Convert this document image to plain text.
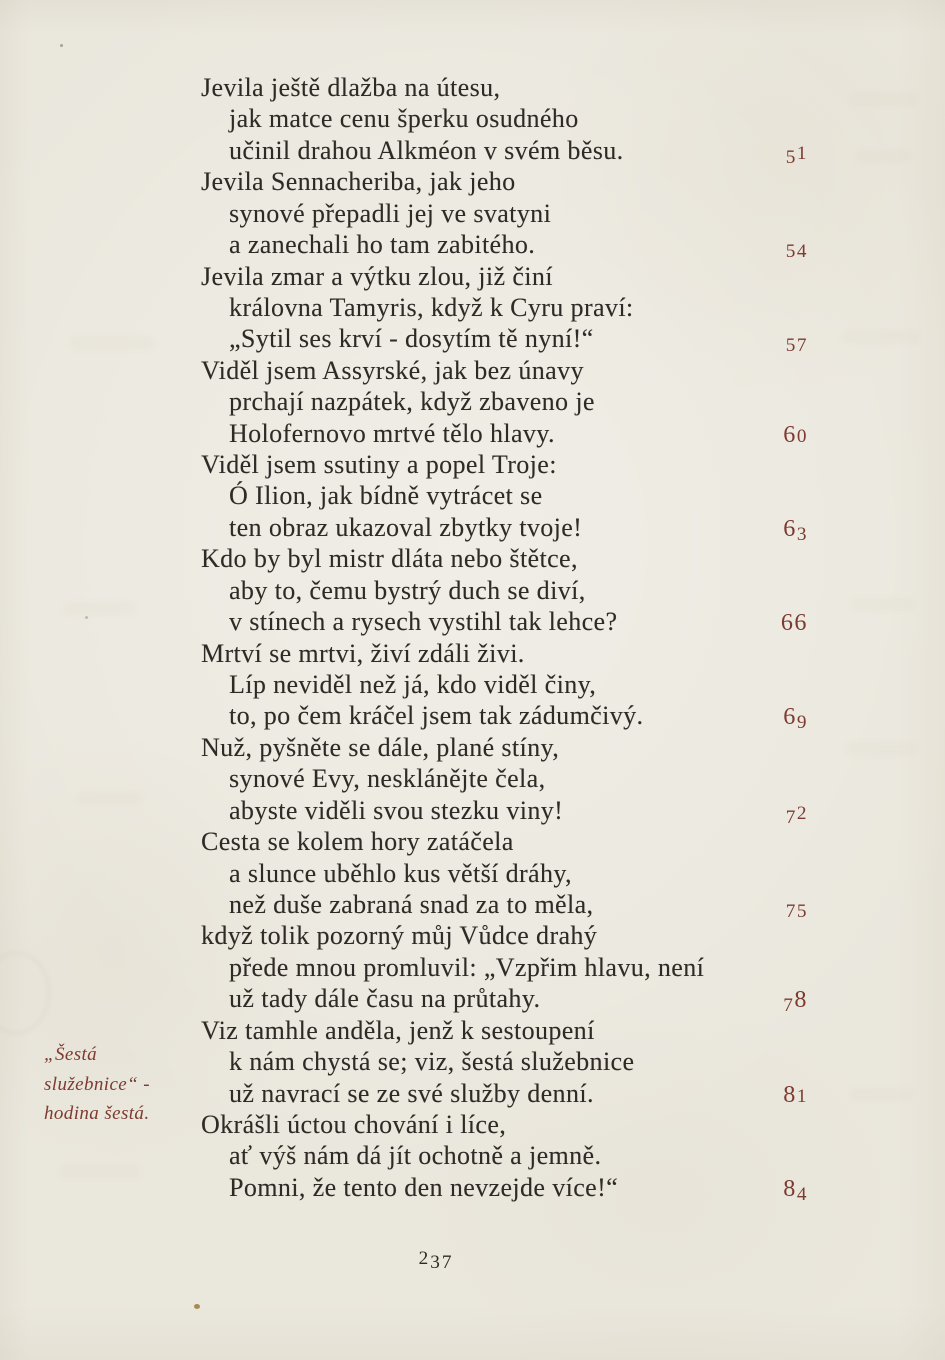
Jevila ještě dlažba na útesu,
jak matce cenu šperku osudného
učinil drahou Alkméon v svém běsu.	51
Jevila Sennacheriba, jak jeho
synové přepadli jej ve svatyni
a zanechali ho tam zabitého.	54
Jevila zmar a výtku zlou, již činí
královna Tamyris, když k Cyru praví:
„Sytil ses krví - dosytím tě nyní!“	57
Viděl jsem Assyrské, jak bez únavy
prchají nazpátek, když zbaveno je
Holofernovo mrtvé tělo hlavy.	60
Viděl jsem ssutiny a popel Troje:
Ó Ilion, jak bídně vytrácet se
ten obraz ukazoval zbytky tvoje!	63
Kdo by byl mistr dláta nebo štětce,
aby to, čemu bystrý duch se diví,
v stínech a rysech vystihl tak lehce?	66
Mrtví se mrtvi, živí zdáli živi.
Líp neviděl než já, kdo viděl činy,
to, po čem kráčel jsem tak zádumčivý.	69
Nuž, pyšněte se dále, plané stíny,
synové Evy, nesklánějte čela,
abyste viděli svou stezku viny!	72
Cesta se kolem hory zatáčela
a slunce uběhlo kus větší dráhy,
než duše zabraná snad za to měla,	75
když tolik pozorný můj Vůdce drahý
přede mnou promluvil: „Vzpřim hlavu, není
už tady dále času na průtahy.	78
Viz tamhle anděla, jenž k sestoupení
k nám chystá se; viz, šestá služebnice
už navrací se ze své služby denní.	81
Okrášli úctou chování i líce,
ať výš nám dá jít ochotně a jemně.
Pomni, že tento den nevzejde více!“	84
„Šestá
služebnice“ -
hodina šestá.
237
